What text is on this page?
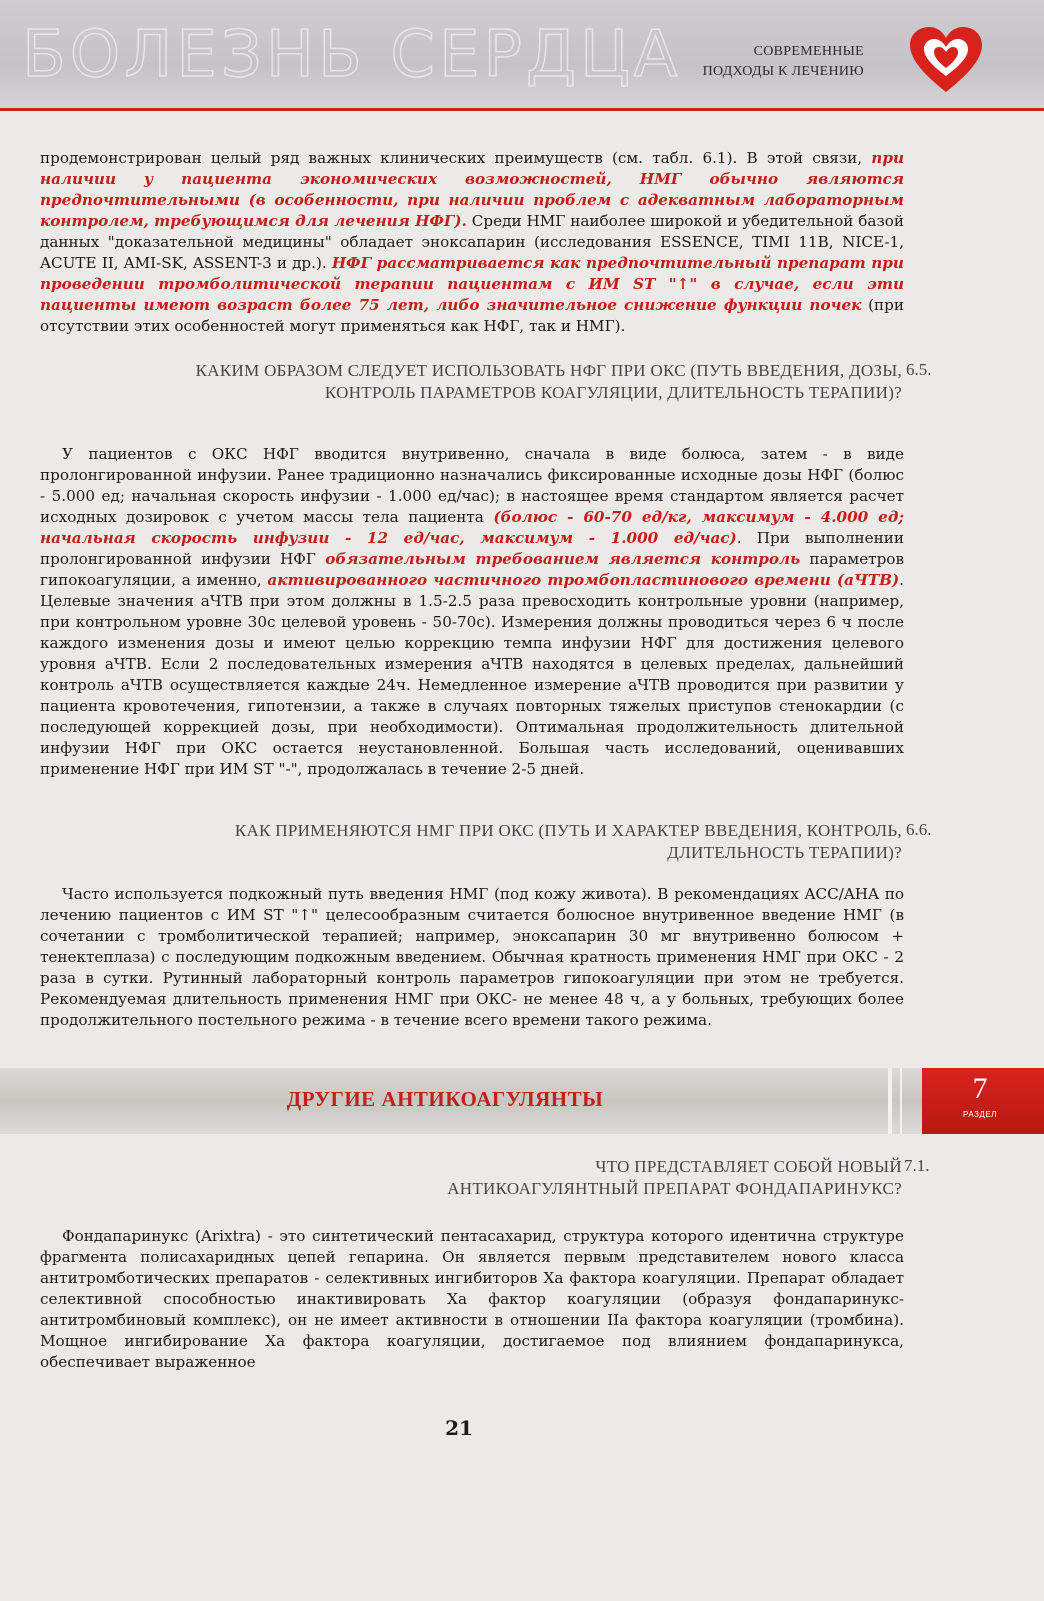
БОЛЕЗНЬ СЕРДЦА	СОВРЕМЕННЫЕ
ПОДХОДЫ К ЛЕЧЕНИЮ

продемонстрирован целый ряд важных клинических преимуществ (см. табл. 6.1). В этой связи, при наличии у пациента экономических возможностей, НМГ обычно являются предпочтительными (в особенности, при наличии проблем с адекватным лабораторным контролем, требующимся для лечения НФГ). Среди НМГ наиболее широкой и убедительной базой данных "доказательной медицины" обладает эноксапарин (исследования ESSENCE, TIMI 11B, NICE-1, ACUTE II, AMI-SK, ASSENT-3 и др.). НФГ рассматривается как предпочтительный препарат при проведении тромболитической терапии пациентам с ИМ ST "↑" в случае, если эти пациенты имеют возраст более 75 лет, либо значительное снижение функции почек (при отсутствии этих особенностей могут применяться как НФГ, так и НМГ).

КАКИМ ОБРАЗОМ СЛЕДУЕТ ИСПОЛЬЗОВАТЬ НФГ ПРИ ОКС (ПУТЬ ВВЕДЕНИЯ, ДОЗЫ,
КОНТРОЛЬ ПАРАМЕТРОВ КОАГУЛЯЦИИ, ДЛИТЕЛЬНОСТЬ ТЕРАПИИ)?
6.5.

У пациентов с ОКС НФГ вводится внутривенно, сначала в виде болюса, затем - в виде пролонгированной инфузии. Ранее традиционно назначались фиксированные исходные дозы НФГ (болюс - 5.000 ед; начальная скорость инфузии - 1.000 ед/час); в настоящее время стандартом является расчет исходных дозировок с учетом массы тела пациента (болюс - 60-70 ед/кг, максимум - 4.000 ед; начальная скорость инфузии - 12 ед/час, максимум - 1.000 ед/час). При выполнении пролонгированной инфузии НФГ обязательным требованием является контроль параметров гипокоагуляции, а именно, активированного частичного тромбопластинового времени (аЧТВ). Целевые значения аЧТВ при этом должны в 1.5-2.5 раза превосходить контрольные уровни (например, при контрольном уровне 30с целевой уровень - 50-70с). Измерения должны проводиться через 6 ч после каждого изменения дозы и имеют целью коррекцию темпа инфузии НФГ для достижения целевого уровня аЧТВ. Если 2 последовательных измерения аЧТВ находятся в целевых пределах, дальнейший контроль аЧТВ осуществляется каждые 24ч. Немедленное измерение аЧТВ проводится при развитии у пациента кровотечения, гипотензии, а также в случаях повторных тяжелых приступов стенокардии (с последующей коррекцией дозы, при необходимости). Оптимальная продолжительность длительной инфузии НФГ при ОКС остается неустановленной. Большая часть исследований, оценивавших применение НФГ при ИМ ST "-", продолжалась в течение 2-5 дней.

КАК ПРИМЕНЯЮТСЯ НМГ ПРИ ОКС (ПУТЬ И ХАРАКТЕР ВВЕДЕНИЯ, КОНТРОЛЬ,
ДЛИТЕЛЬНОСТЬ ТЕРАПИИ)?
6.6.

Часто используется подкожный путь введения НМГ (под кожу живота). В рекомендациях ACC/AHA по лечению пациентов с ИМ ST "↑" целесообразным считается болюсное внутривенное введение НМГ (в сочетании с тромболитической терапией; например, эноксапарин 30 мг внутривенно болюсом + тенектеплаза) с последующим подкожным введением. Обычная кратность применения НМГ при ОКС - 2 раза в сутки. Рутинный лабораторный контроль параметров гипокоагуляции при этом не требуется. Рекомендуемая длительность применения НМГ при ОКС- не менее 48 ч, а у больных, требующих более продолжительного постельного режима - в течение всего времени такого режима.

ДРУГИЕ АНТИКОАГУЛЯНТЫ	7
РАЗДЕЛ
ЧТО ПРЕДСТАВЛЯЕТ СОБОЙ НОВЫЙ
АНТИКОАГУЛЯНТНЫЙ ПРЕПАРАТ ФОНДАПАРИНУКС?
7.1.

Фондапаринукс (Arixtra) - это синтетический пентасахарид, структура которого идентична структуре фрагмента полисахаридных цепей гепарина. Он является первым представителем нового класса антитромботических препаратов - селективных ингибиторов Ха фактора коагуляции. Препарат обладает селективной способностью инактивировать Ха фактор коагуляции (образуя фондапаринукс-антитромбиновый комплекс), он не имеет активности в отношении IIа фактора коагуляции (тромбина). Мощное ингибирование Ха фактора коагуляции, достигаемое под влиянием фондапаринукса, обеспечивает выраженное

21
